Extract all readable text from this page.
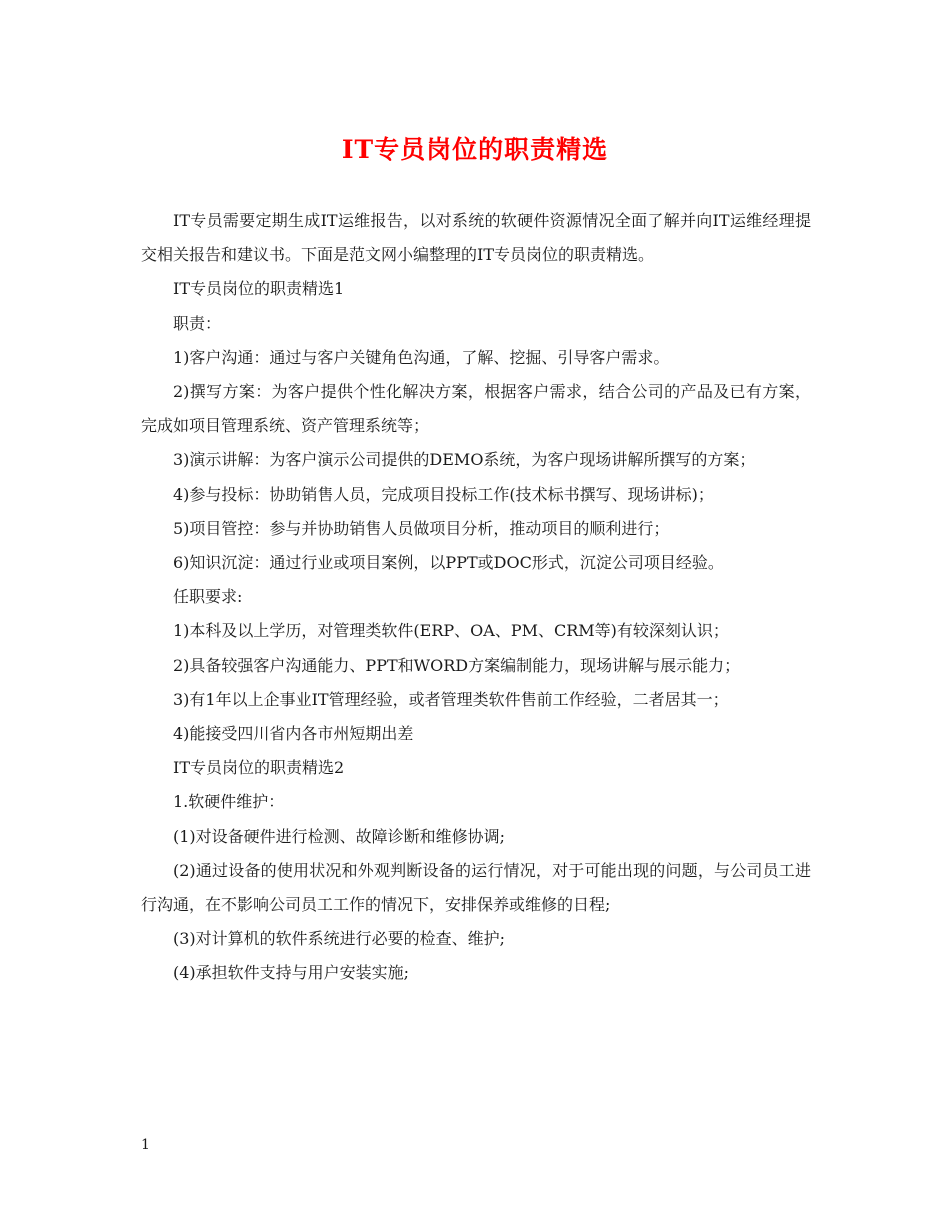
IT专员岗位的职责精选

IT专员需要定期生成IT运维报告，以对系统的软硬件资源情况全面了解并向IT运维经理提交相关报告和建议书。下面是范文网小编整理的IT专员岗位的职责精选。

IT专员岗位的职责精选1

职责：

1)客户沟通：通过与客户关键角色沟通，了解、挖掘、引导客户需求。

2)撰写方案：为客户提供个性化解决方案，根据客户需求，结合公司的产品及已有方案，完成如项目管理系统、资产管理系统等；

3)演示讲解：为客户演示公司提供的DEMO系统，为客户现场讲解所撰写的方案；

4)参与投标：协助销售人员，完成项目投标工作(技术标书撰写、现场讲标)；

5)项目管控：参与并协助销售人员做项目分析，推动项目的顺利进行；

6)知识沉淀：通过行业或项目案例，以PPT或DOC形式，沉淀公司项目经验。

任职要求:

1)本科及以上学历，对管理类软件(ERP、OA、PM、CRM等)有较深刻认识；

2)具备较强客户沟通能力、PPT和WORD方案编制能力，现场讲解与展示能力；

3)有1年以上企事业IT管理经验，或者管理类软件售前工作经验，二者居其一；

4)能接受四川省内各市州短期出差

IT专员岗位的职责精选2

1.软硬件维护：

(1)对设备硬件进行检测、故障诊断和维修协调;

(2)通过设备的使用状况和外观判断设备的运行情况，对于可能出现的问题，与公司员工进行沟通，在不影响公司员工工作的情况下，安排保养或维修的日程;

(3)对计算机的软件系统进行必要的检查、维护;

(4)承担软件支持与用户安装实施;

1
